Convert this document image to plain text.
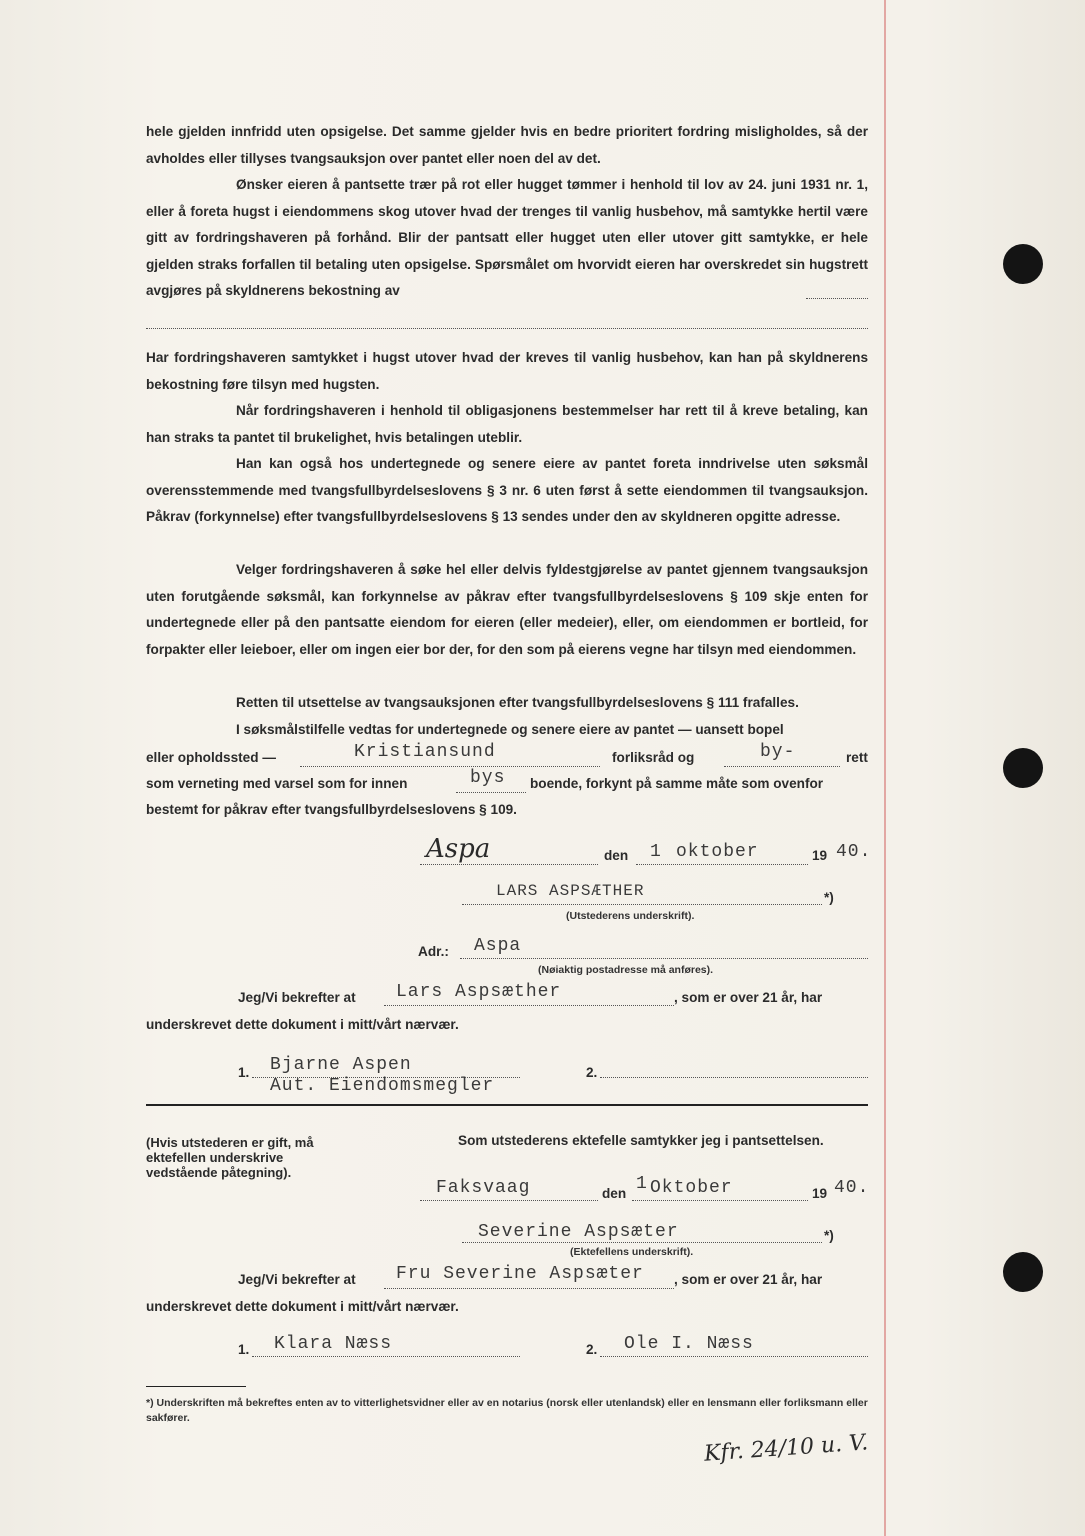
hele gjelden innfridd uten opsigelse. Det samme gjelder hvis en bedre prioritert fordring misligholdes, så der avholdes eller tillyses tvangsauksjon over pantet eller noen del av det.
Ønsker eieren å pantsette trær på rot eller hugget tømmer i henhold til lov av 24. juni 1931 nr. 1, eller å foreta hugst i eiendommens skog utover hvad der trenges til vanlig husbehov, må samtykke hertil være gitt av fordringshaveren på forhånd. Blir der pantsatt eller hugget uten eller utover gitt samtykke, er hele gjelden straks forfallen til betaling uten opsigelse. Spørsmålet om hvorvidt eieren har overskredet sin hugstrett avgjøres på skyldnerens bekostning av
Har fordringshaveren samtykket i hugst utover hvad der kreves til vanlig husbehov, kan han på skyldnerens bekostning føre tilsyn med hugsten.
Når fordringshaveren i henhold til obligasjonens bestemmelser har rett til å kreve betaling, kan han straks ta pantet til brukelighet, hvis betalingen uteblir.
Han kan også hos undertegnede og senere eiere av pantet foreta inndrivelse uten søksmål overensstemmende med tvangsfullbyrdelseslovens § 3 nr. 6 uten først å sette eiendommen til tvangsauksjon. Påkrav (forkynnelse) efter tvangsfullbyrdelseslovens § 13 sendes under den av skyldneren opgitte adresse.
Velger fordringshaveren å søke hel eller delvis fyldestgjørelse av pantet gjennem tvangsauksjon uten forutgående søksmål, kan forkynnelse av påkrav efter tvangsfullbyrdelseslovens § 109 skje enten for undertegnede eller på den pantsatte eiendom for eieren (eller medeier), eller, om eiendommen er bortleid, for forpakter eller leieboer, eller om ingen eier bor der, for den som på eierens vegne har tilsyn med eiendommen.
Retten til utsettelse av tvangsauksjonen efter tvangsfullbyrdelseslovens § 111 frafalles.
I søksmålstilfelle vedtas for undertegnede og senere eiere av pantet — uansett bopel
eller opholdssted —	Kristiansund	forliksråd og	by-	rett
som verneting med varsel som for innen	bys boende, forkynt på samme måte som ovenfor
bestemt for påkrav efter tvangsfullbyrdelseslovens § 109.
Aspa	den 1 oktober	19 40.
LARS ASPSÆTHER	*)
(Utstederens underskrift).
Adr.: Aspa
(Nøiaktig postadresse må anføres).
Jeg/Vi bekrefter at Lars Aspsæther	, som er over 21 år, har
underskrevet dette dokument i mitt/vårt nærvær.
1. Bjarne Aspen
Aut. Eiendomsmegler
2.
(Hvis utstederen er gift, må ektefellen underskrive vedstående påtegning).
Som utstederens ektefelle samtykker jeg i pantsettelsen.
Faksvaag	den 1 Oktober	19 40.
Severine Aspsæter	*)
(Ektefellens underskrift).
Jeg/Vi bekrefter at Fru Severine Aspsæter , som er over 21 år, har
underskrevet dette dokument i mitt/vårt nærvær.
1. Klara Næss	2. Ole I. Næss
*) Underskriften må bekreftes enten av to vitterlighetsvidner eller av en notarius (norsk eller utenlandsk) eller en lensmann eller forliksmann eller sakfører.
Kfr. 24/10 u. V.
